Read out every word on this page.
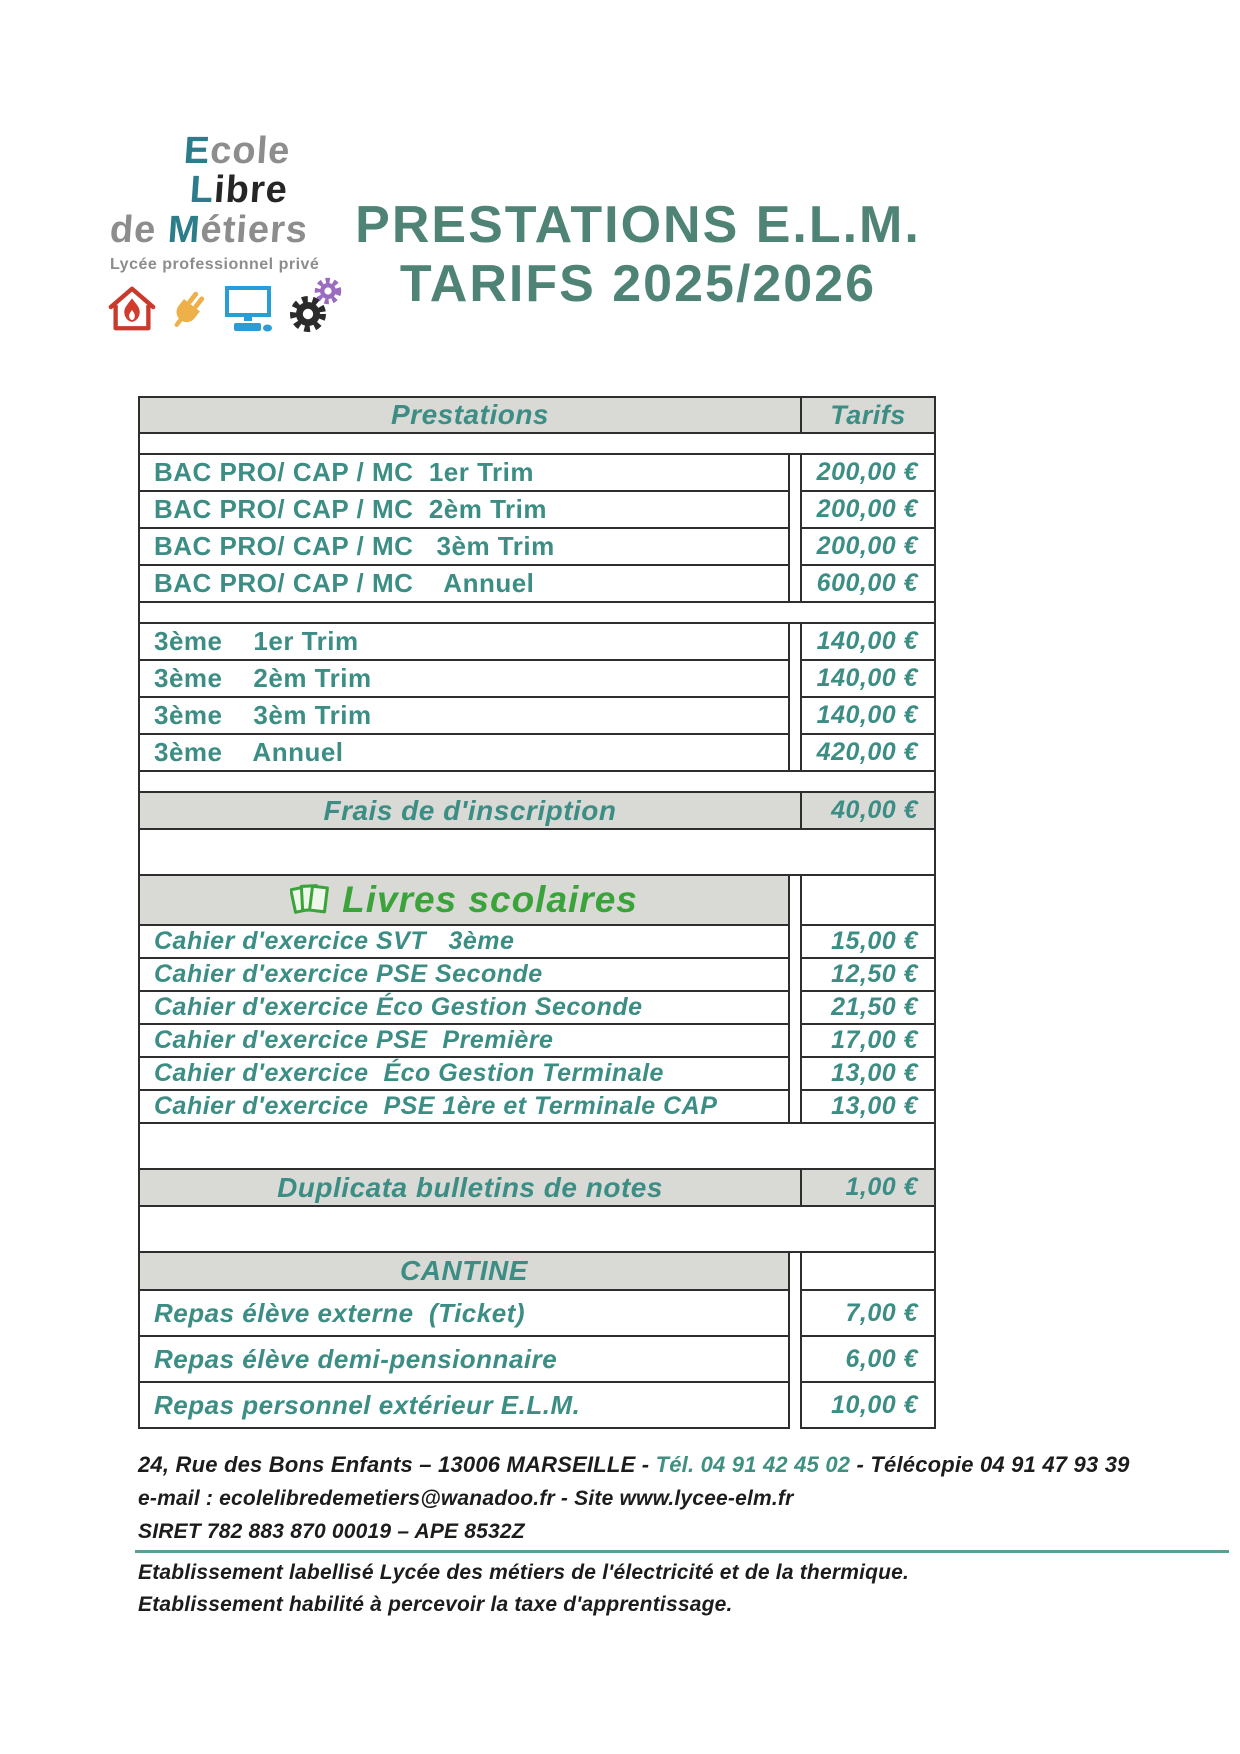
Ecole
Libre
de Métiers
Lycée professionnel privé
PRESTATIONS E.L.M.
TARIFS 2025/2026
Prestations	Tarifs
BAC PRO/ CAP / MC  1er Trim	200,00 €
BAC PRO/ CAP / MC  2èm Trim	200,00 €
BAC PRO/ CAP / MC   3èm Trim	200,00 €
BAC PRO/ CAP / MC    Annuel	600,00 €
3ème    1er Trim	140,00 €
3ème    2èm Trim	140,00 €
3ème    3èm Trim	140,00 €
3ème    Annuel	420,00 €
Frais de d'inscription	40,00 €
Livres scolaires
Cahier d'exercice SVT   3ème	15,00 €
Cahier d'exercice PSE Seconde	12,50 €
Cahier d'exercice Éco Gestion Seconde	21,50 €
Cahier d'exercice PSE  Première	17,00 €
Cahier d'exercice  Éco Gestion Terminale	13,00 €
Cahier d'exercice  PSE 1ère et Terminale CAP	13,00 €
Duplicata bulletins de notes	1,00 €
CANTINE
Repas élève externe  (Ticket)	7,00 €
Repas élève demi-pensionnaire	6,00 €
Repas personnel extérieur E.L.M.	10,00 €
24, Rue des Bons Enfants – 13006 MARSEILLE - Tél. 04 91 42 45 02 - Télécopie 04 91 47 93 39
e-mail : ecolelibredemetiers@wanadoo.fr - Site www.lycee-elm.fr
SIRET 782 883 870 00019 – APE 8532Z
Etablissement labellisé Lycée des métiers de l'électricité et de la thermique.
Etablissement habilité à percevoir la taxe d'apprentissage.
